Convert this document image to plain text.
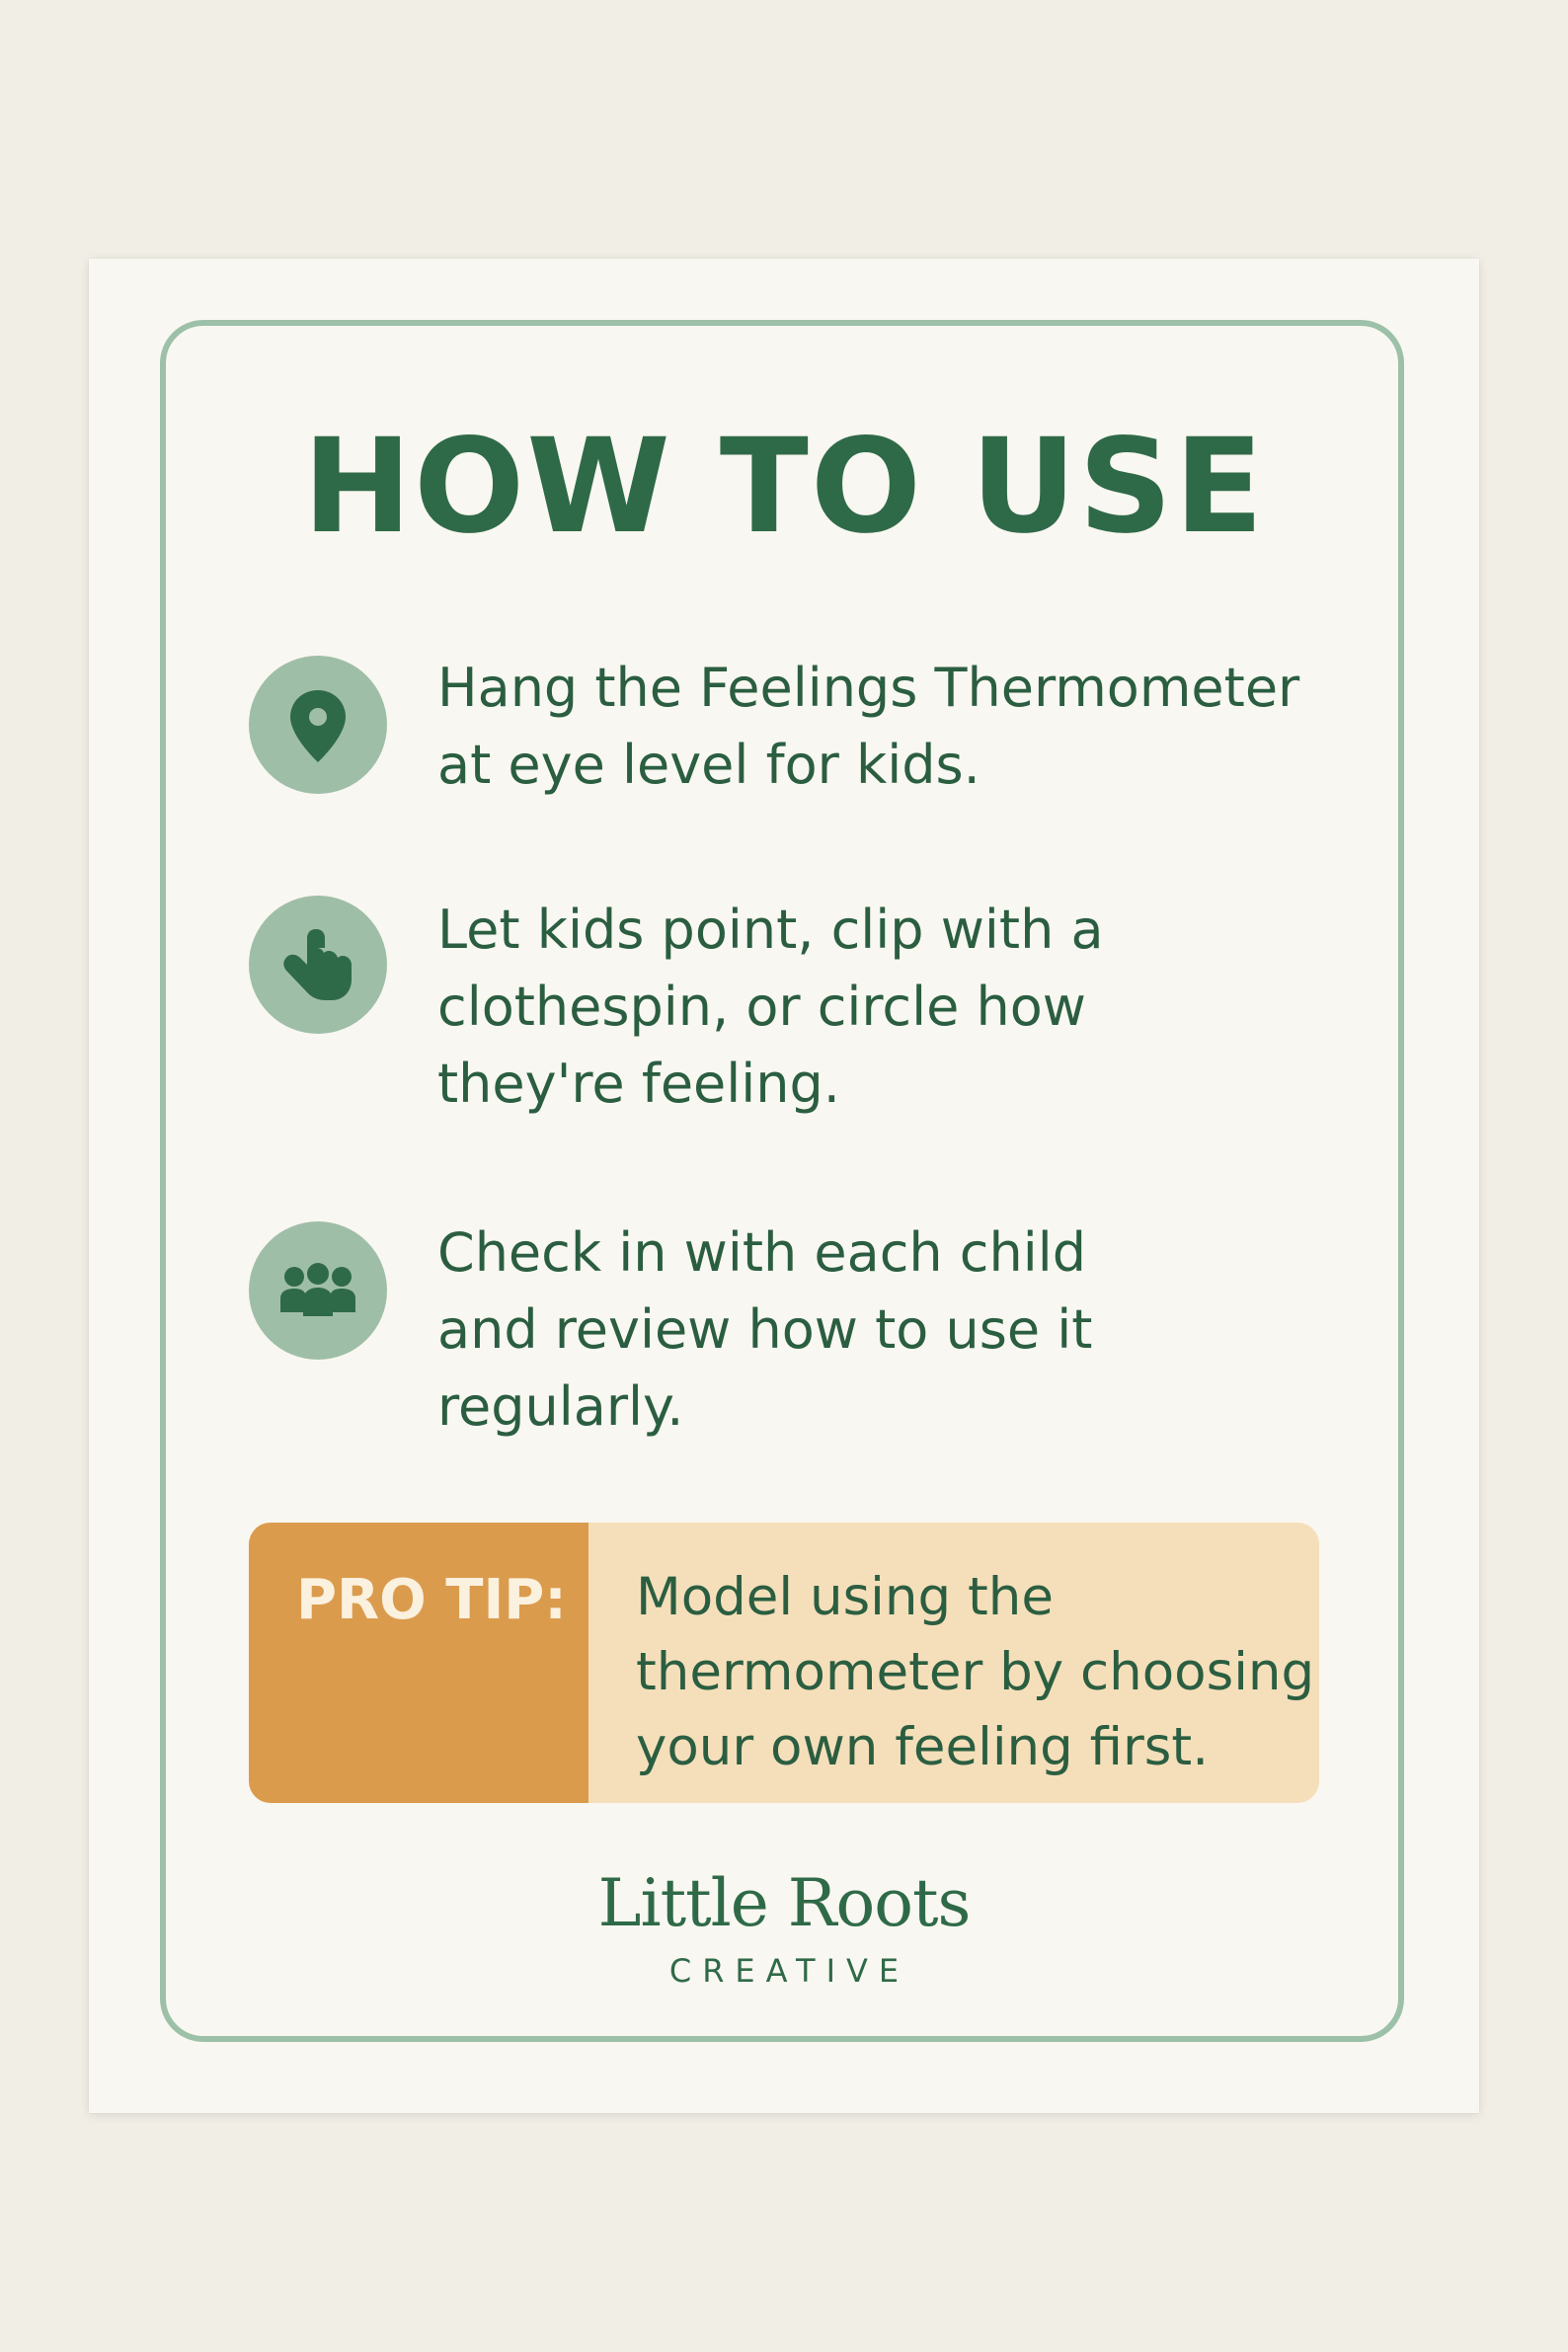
HOW TO USE
Hang the Feelings Thermometer
at eye level for kids.
Let kids point, clip with a
clothespin, or circle how
they're feeling.
Check in with each child
and review how to use it
regularly.
PRO TIP:	Model using the
thermometer by choosing
your own feeling first.
Little Roots
CREATIVE
